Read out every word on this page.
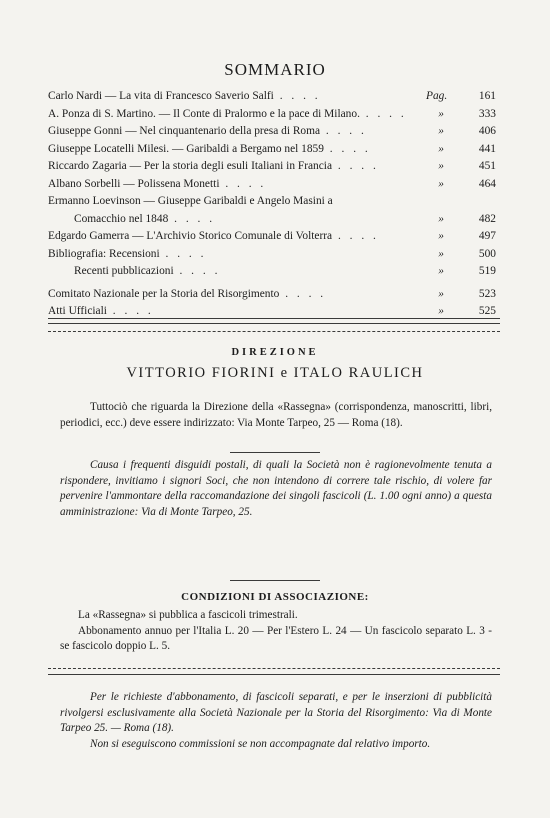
SOMMARIO
Carlo Nardi — La vita di Francesco Saverio Salfi . . . .	Pag.	161
A. Ponza di S. Martino. — Il Conte di Pralormo e la pace di Milano. . . . .	»	333
Giuseppe Gonni — Nel cinquantenario della presa di Roma . . . .	»	406
Giuseppe Locatelli Milesi. — Garibaldi a Bergamo nel 1859 . . . .	»	441
Riccardo Zagaria — Per la storia degli esuli Italiani in Francia . . . .	»	451
Albano Sorbelli — Polissena Monetti . . . .	»	464
Ermanno Loevinson — Giuseppe Garibaldi e Angelo Masini a
Comacchio nel 1848 . . . .	»	482
Edgardo Gamerra — L'Archivio Storico Comunale di Volterra . . . .	»	497
Bibliografia: Recensioni . . . .	»	500
Recenti pubblicazioni . . . .	»	519
Comitato Nazionale per la Storia del Risorgimento . . . .	»	523
Atti Ufficiali . . . .	»	525
DIREZIONE
VITTORIO FIORINI e ITALO RAULICH
Tuttociò che riguarda la Direzione della «Rassegna» (corrispondenza, manoscritti, libri, periodici, ecc.) deve essere indirizzato: Via Monte Tarpeo, 25 — Roma (18).
Causa i frequenti disguidi postali, di quali la Società non è ragionevolmente tenuta a rispondere, invitiamo i signori Soci, che non intendono di correre tale rischio, di volere far pervenire l'ammontare della raccomandazione dei singoli fascicoli (L. 1.00 ogni anno) a questa amministrazione: Via di Monte Tarpeo, 25.
CONDIZIONI DI ASSOCIAZIONE:
La «Rassegna» si pubblica a fascicoli trimestrali.
Abbonamento annuo per l'Italia L. 20 — Per l'Estero L. 24 — Un fascicolo separato L. 3 - se fascicolo doppio L. 5.
Per le richieste d'abbonamento, di fascicoli separati, e per le inserzioni di pubblicità rivolgersi esclusivamente alla Società Nazionale per la Storia del Risorgimento: Via di Monte Tarpeo 25. — Roma (18).
Non si eseguiscono commissioni se non accompagnate dal relativo importo.
